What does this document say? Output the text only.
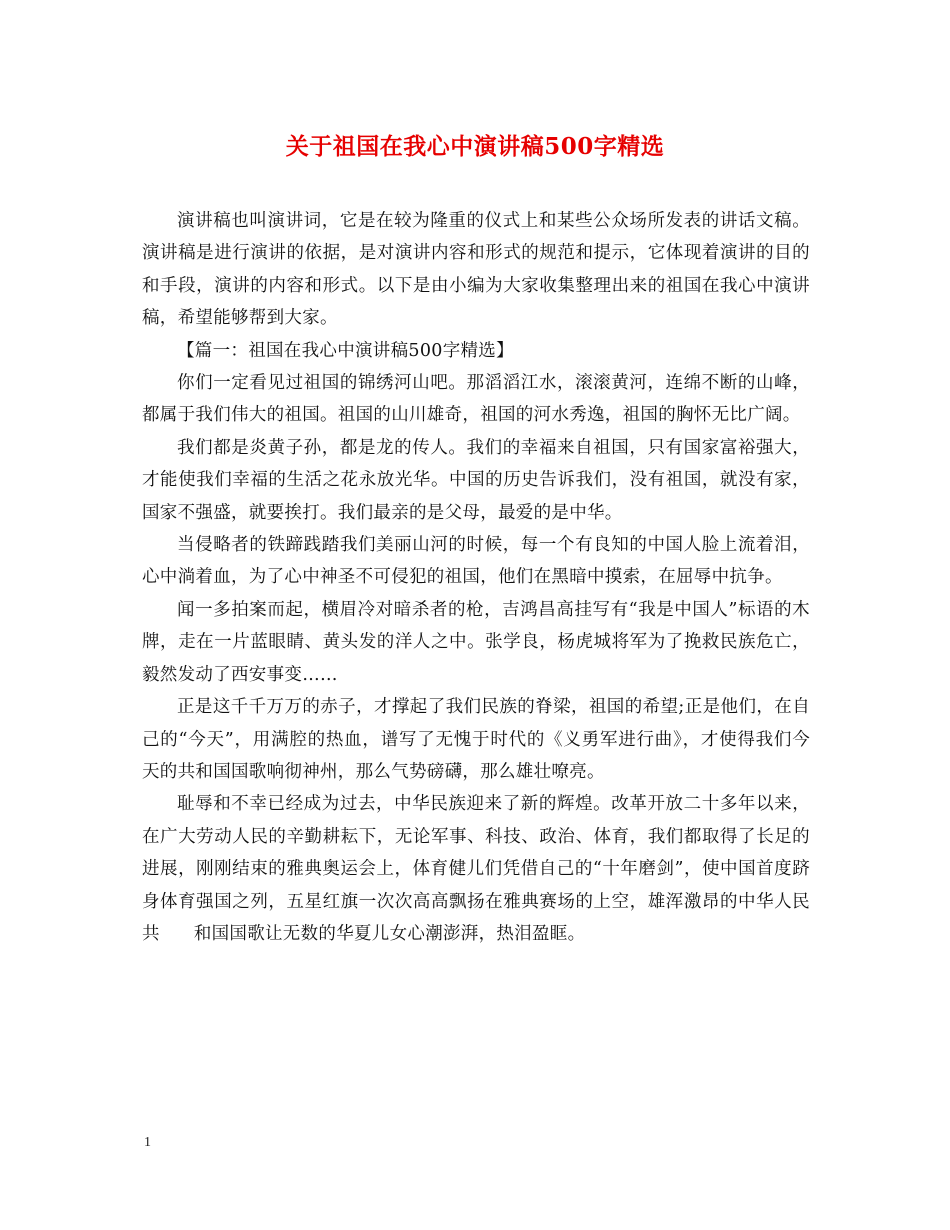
关于祖国在我心中演讲稿500字精选

演讲稿也叫演讲词，它是在较为隆重的仪式上和某些公众场所发表的讲话文稿。演讲稿是进行演讲的依据，是对演讲内容和形式的规范和提示，它体现着演讲的目的和手段，演讲的内容和形式。以下是由小编为大家收集整理出来的祖国在我心中演讲稿，希望能够帮到大家。

【篇一：祖国在我心中演讲稿500字精选】

你们一定看见过祖国的锦绣河山吧。那滔滔江水，滚滚黄河，连绵不断的山峰，都属于我们伟大的祖国。祖国的山川雄奇，祖国的河水秀逸，祖国的胸怀无比广阔。

我们都是炎黄子孙，都是龙的传人。我们的幸福来自祖国，只有国家富裕强大，才能使我们幸福的生活之花永放光华。中国的历史告诉我们，没有祖国，就没有家，国家不强盛，就要挨打。我们最亲的是父母，最爱的是中华。

当侵略者的铁蹄践踏我们美丽山河的时候，每一个有良知的中国人脸上流着泪，心中淌着血，为了心中神圣不可侵犯的祖国，他们在黑暗中摸索，在屈辱中抗争。

闻一多拍案而起，横眉冷对暗杀者的枪，吉鸿昌高挂写有“我是中国人”标语的木牌，走在一片蓝眼睛、黄头发的洋人之中。张学良，杨虎城将军为了挽救民族危亡，毅然发动了西安事变……

正是这千千万万的赤子，才撑起了我们民族的脊梁，祖国的希望;正是他们，在自己的“今天”，用满腔的热血，谱写了无愧于时代的《义勇军进行曲》，才使得我们今天的共和国国歌响彻神州，那么气势磅礴，那么雄壮嘹亮。

耻辱和不幸已经成为过去，中华民族迎来了新的辉煌。改革开放二十多年以来，在广大劳动人民的辛勤耕耘下，无论军事、科技、政治、体育，我们都取得了长足的进展，刚刚结束的雅典奥运会上，体育健儿们凭借自己的“十年磨剑”，使中国首度跻身体育强国之列，五星红旗一次次高高飘扬在雅典赛场的上空，雄浑激昂的中华人民共 和国国歌让无数的华夏儿女心潮澎湃，热泪盈眶。

1
